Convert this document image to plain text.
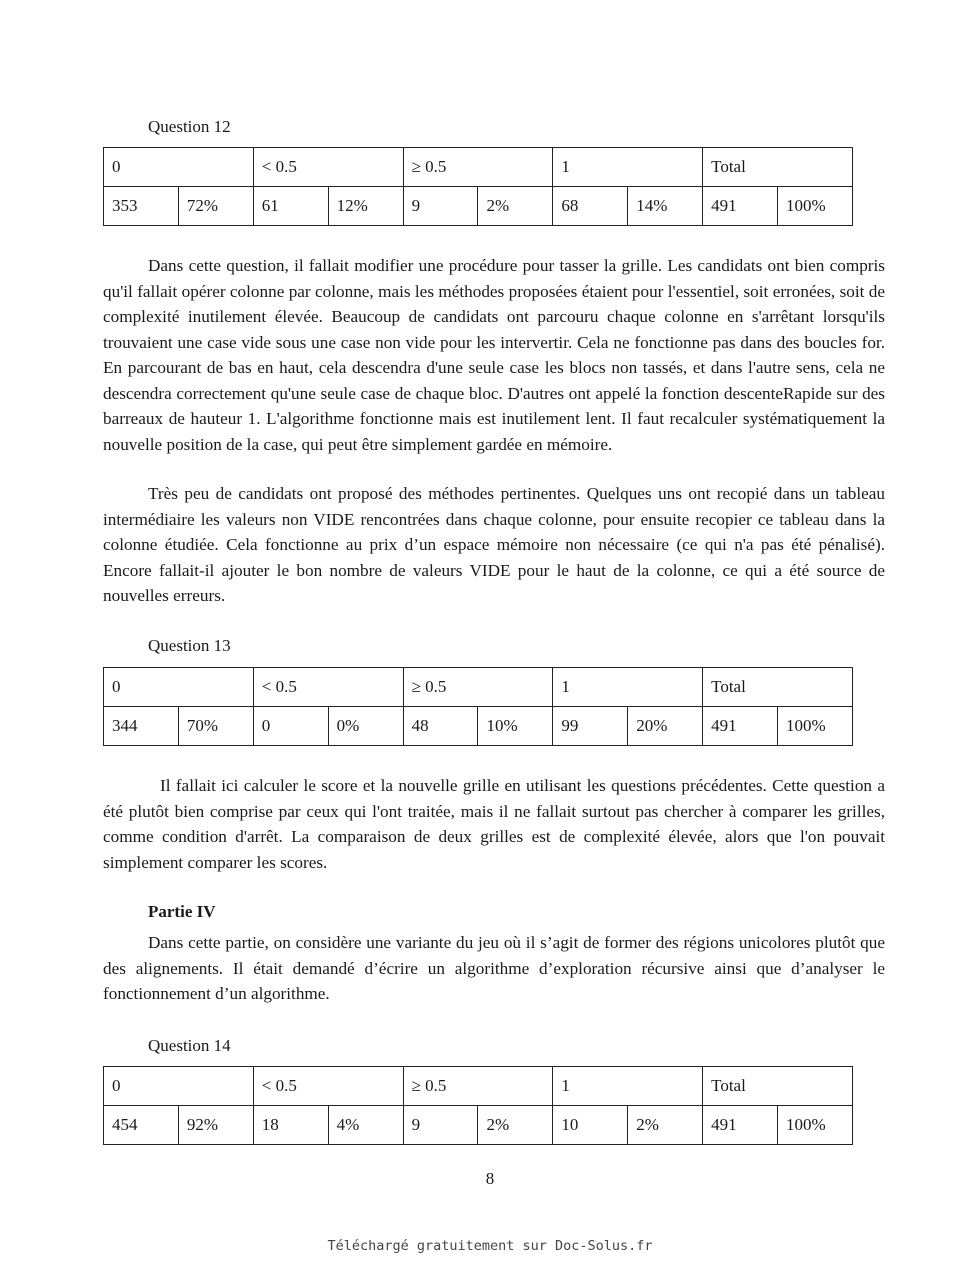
Question 12
0		< 0.5		≥ 0.5		1		Total	
353	72%	61	12%	9	2%	68	14%	491	100%

Dans cette question, il fallait modifier une procédure pour tasser la grille. Les candidats ont bien compris qu'il fallait opérer colonne par colonne, mais les méthodes proposées étaient pour l'essentiel, soit erronées, soit de complexité inutilement élevée. Beaucoup de candidats ont parcouru chaque colonne en s'arrêtant lorsqu'ils trouvaient une case vide sous une case non vide pour les intervertir. Cela ne fonctionne pas dans des boucles for. En parcourant de bas en haut, cela descendra d'une seule case les blocs non tassés, et dans l'autre sens, cela ne descendra correctement qu'une seule case de chaque bloc. D'autres ont appelé la fonction descenteRapide sur des barreaux de hauteur 1. L'algorithme fonctionne mais est inutilement lent. Il faut recalculer systématiquement la nouvelle position de la case, qui peut être simplement gardée en mémoire.

Très peu de candidats ont proposé des méthodes pertinentes. Quelques uns ont recopié dans un tableau intermédiaire les valeurs non VIDE rencontrées dans chaque colonne, pour ensuite recopier ce tableau dans la colonne étudiée. Cela fonctionne au prix d’un espace mémoire non nécessaire (ce qui n'a pas été pénalisé). Encore fallait-il ajouter le bon nombre de valeurs VIDE pour le haut de la colonne, ce qui a été source de nouvelles erreurs.

Question 13
0		< 0.5		≥ 0.5		1		Total	
344	70%	0	0%	48	10%	99	20%	491	100%

Il fallait ici calculer le score et la nouvelle grille en utilisant les questions précédentes. Cette question a été plutôt bien comprise par ceux qui l'ont traitée, mais il ne fallait surtout pas chercher à comparer les grilles, comme condition d'arrêt. La comparaison de deux grilles est de complexité élevée, alors que l'on pouvait simplement comparer les scores.

Partie IV

Dans cette partie, on considère une variante du jeu où il s’agit de former des régions unicolores plutôt que des alignements. Il était demandé d’écrire un algorithme d’exploration récursive ainsi que d’analyser le fonctionnement d’un algorithme.

Question 14
0		< 0.5		≥ 0.5		1		Total	
454	92%	18	4%	9	2%	10	2%	491	100%
8
Téléchargé gratuitement sur Doc-Solus.fr
